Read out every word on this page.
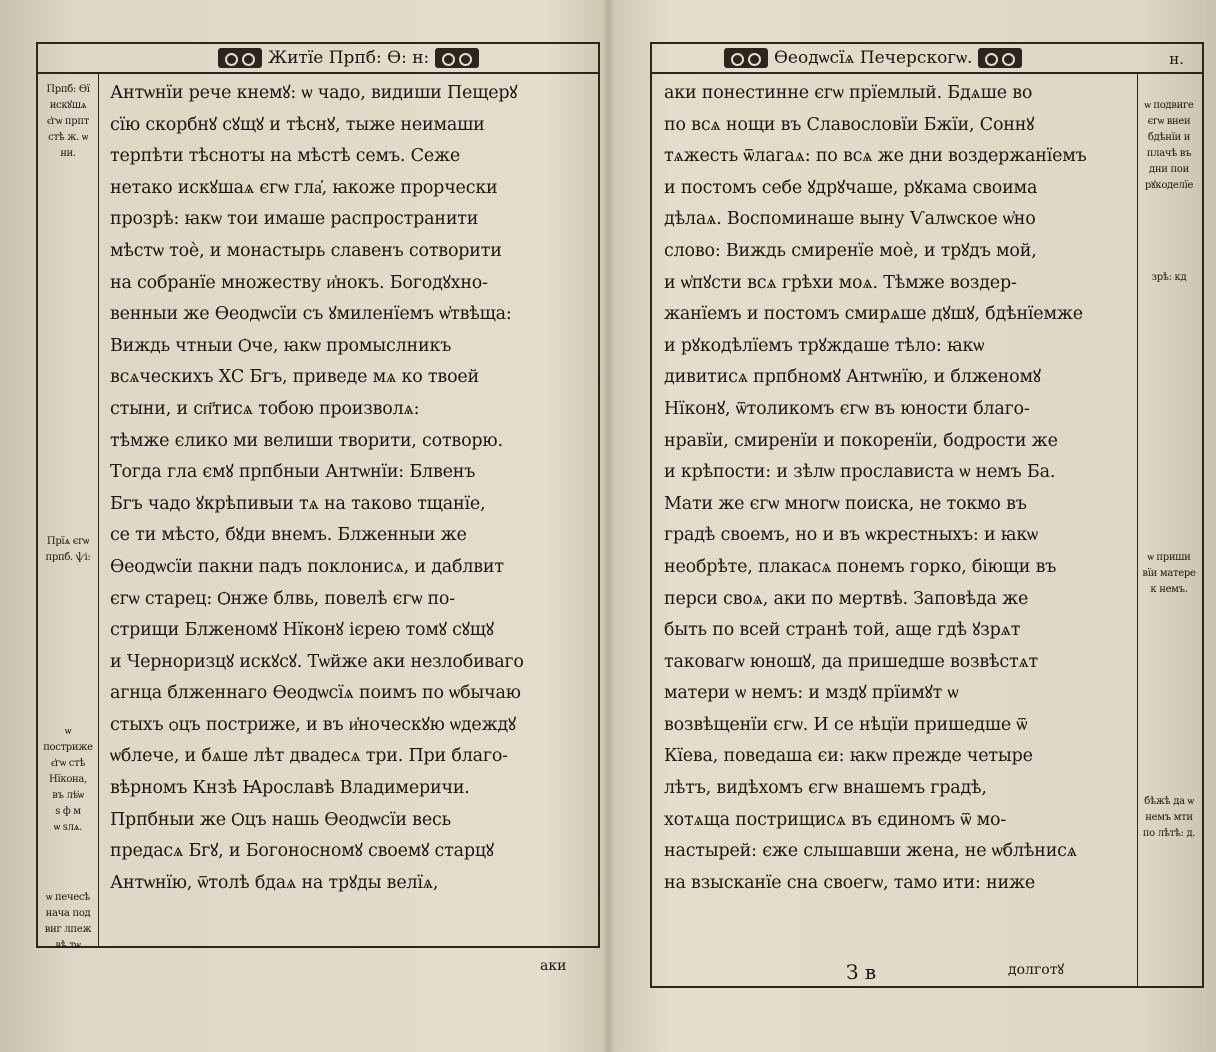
Житїе Прпб: Ѳ: н:
Прпб: Ѳї
искꙋшѧ
є҆гѡ прпт
стѣ ж. ѡ
ни.
Прїѧ єгѡ
прпб. ѱі:
ѡ постриже
є҆гѡ стѣ
Нїкона,
въ лѣ҆ѡ
ѕ ф м
ѡ ѕлѧ.
ѡ печесѣ
нача под
виг лпеж
вѣ тѡ
Антѡнїи рече кнемꙋ: ѡ чадо, видиши Пещерꙋ
сїю скорбнꙋ сꙋщꙋ и тѣснꙋ, тыже неимаши
терпѣти тѣснотꙑ на мѣстѣ семъ. Сеже
нетако искꙋшаѧ єгѡ гла҆, ꙗкоже прорчески
прозрѣ: ꙗкѡ тои имаше распространити
мѣстѡ тоѐ, и монастырь славенъ сотворити
на собранїе множеству и҆нокъ. Богодꙋхно-
венныи же Ѳеодѡсїи съ ꙋмиленїемъ ѡ҆твѣща:
Виждь чтныи Ѻче, ꙗкѡ промыслникъ
всѧческихъ ХС Бгъ, приведе мѧ ко твоей
стыни, и сп҃тисѧ тобою произволѧ:
тѣмже єлико ми велиши творити, сотворю.
Тогда гла ємꙋ прпбныи Антѡнїи: Блвенъ
Бгъ чадо ꙋкрѣпивыи тѧ на таково тщанїе,
се ти мѣсто, бꙋди внемъ. Блженныи же
Ѳеодѡсїи пакни падъ поклонисѧ, и даблвит
єгѡ старец: Ѻнже блвь, повелѣ єгѡ по-
стрищи Блженомꙋ Нїконꙋ ієрею томꙋ сꙋщꙋ
и Черноризцꙋ искꙋсꙋ. Тѡйже аки незлобиваго
агнца блженнаго Ѳеодѡсїѧ поимъ по ѡбычаю
стыхъ ѻцъ постриже, и въ и҆ноческꙋю ѡдеждꙋ
ѡблече, и бѧше лѣт двадесѧ три. При благо-
вѣрномъ Кнзѣ Ꙗрославѣ Владимеричи.
Прпбныи же Ѻцъ нашь Ѳеодѡсїи весь
предасѧ Бгꙋ, и Богоносномꙋ своемꙋ старцꙋ
Антѡнїю, ѿтолѣ бдаѧ на трꙋды велїѧ,
аки
Ѳеодѡсїѧ Печерскогѡ.	н.
ѡ подвиге
єгѡ внеи
бдѣнїи и
плачѣ въ
дни пои
рꙋкоделїе
зрѣ: кд
ѡ приши
вїи матере
к немъ.
бѣжѣ да ѡ
немъ мти
по лѣтѣ: д.
аки понестинне єгѡ прїемлый. Бдѧше во
по всѧ нощи въ Славословїи Бжїи, Соннꙋ
тѧжесть ѿлагаѧ: по всѧ же дни воздержанїемъ
и постомъ себе ꙋдрꙋчаше, рꙋкама своима
дѣлаѧ. Воспоминаше выну Ѵалѡское ѡ҆но
слово: Виждь смиренїе моѐ, и трꙋдъ мой,
и ѡ҆пꙋсти всѧ грѣхи моѧ. Тѣмже воздер-
жанїемъ и постомъ смирѧше дꙋшꙋ, бдѣнїемже
и рꙋкодѣлїемъ трꙋждаше тѣло: ꙗкѡ
дивитисѧ прпбномꙋ Антѡнїю, и блженомꙋ
Нїконꙋ, ѿтоликомъ єгѡ въ юности благо-
нравїи, смиренїи и покоренїи, бодрости же
и крѣпости: и зѣлѡ прослависта ѡ немъ Ба.
Мати же єгѡ многѡ поиска, не токмо въ
градѣ своемъ, но и въ ѡкрестныхъ: и ꙗкѡ
необрѣте, плакасѧ понемъ горко, біющи въ
перси своѧ, аки по мертвѣ. Заповѣда же
быть по всей странѣ той, аще гдѣ ꙋзрѧт
таковагѡ юношꙋ, да пришедше возвѣстѧт
матери ѡ немъ: и мздꙋ прїимꙋт ѡ
возвѣщенїи єгѡ. И се нѣцїи пришедше ѿ
Кїева, поведаша єи: ꙗкѡ прежде четыре
лѣтъ, видѣхомъ єгѡ внашемъ градѣ,
хотѧща пострищисѧ въ єдиномъ ѿ мо-
настырей: єже слышавши жена, не ѡблѣнисѧ
на взысканїе сна своегѡ, тамо ити: ниже
З в	долготꙋ
